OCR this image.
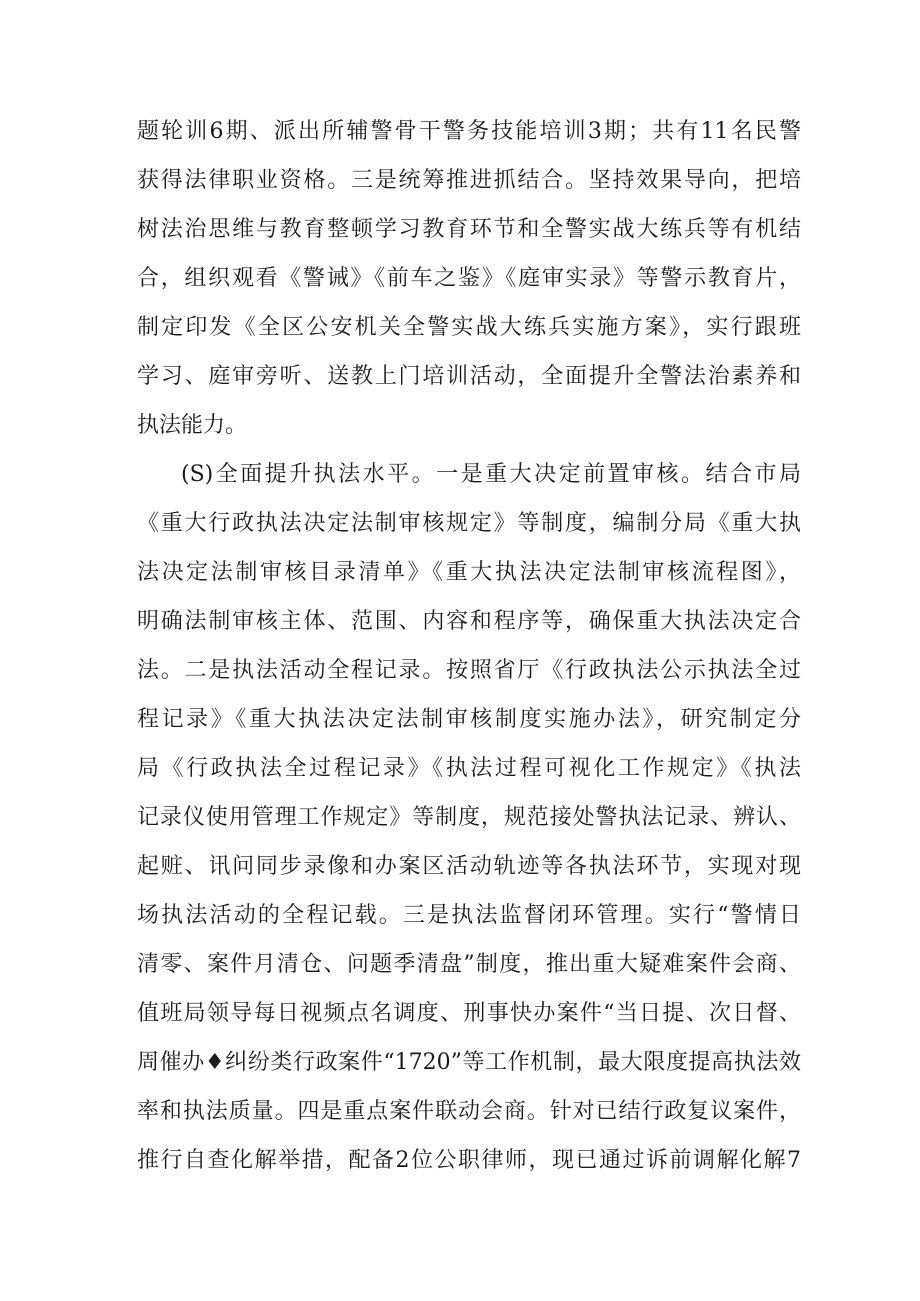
题轮训6期、派出所辅警骨干警务技能培训3期；共有11名民警
获得法律职业资格。三是统筹推进抓结合。坚持效果导向，把培
树法治思维与教育整顿学习教育环节和全警实战大练兵等有机结
合，组织观看《警诫》《前车之鉴》《庭审实录》等警示教育片，
制定印发《全区公安机关全警实战大练兵实施方案》，实行跟班
学习、庭审旁听、送教上门培训活动，全面提升全警法治素养和
执法能力。
(S)全面提升执法水平。一是重大决定前置审核。结合市局
《重大行政执法决定法制审核规定》等制度，编制分局《重大执
法决定法制审核目录清单》《重大执法决定法制审核流程图》，
明确法制审核主体、范围、内容和程序等，确保重大执法决定合
法。二是执法活动全程记录。按照省厅《行政执法公示执法全过
程记录》《重大执法决定法制审核制度实施办法》，研究制定分
局《行政执法全过程记录》《执法过程可视化工作规定》《执法
记录仪使用管理工作规定》等制度，规范接处警执法记录、辨认、
起赃、讯问同步录像和办案区活动轨迹等各执法环节，实现对现
场执法活动的全程记载。三是执法监督闭环管理。实行“警情日
清零、案件月清仓、问题季清盘”制度，推出重大疑难案件会商、
值班局领导每日视频点名调度、刑事快办案件“当日提、次日督、
周催办♦纠纷类行政案件“1720”等工作机制，最大限度提高执法效
率和执法质量。四是重点案件联动会商。针对已结行政复议案件，
推行自查化解举措，配备2位公职律师，现已通过诉前调解化解7
